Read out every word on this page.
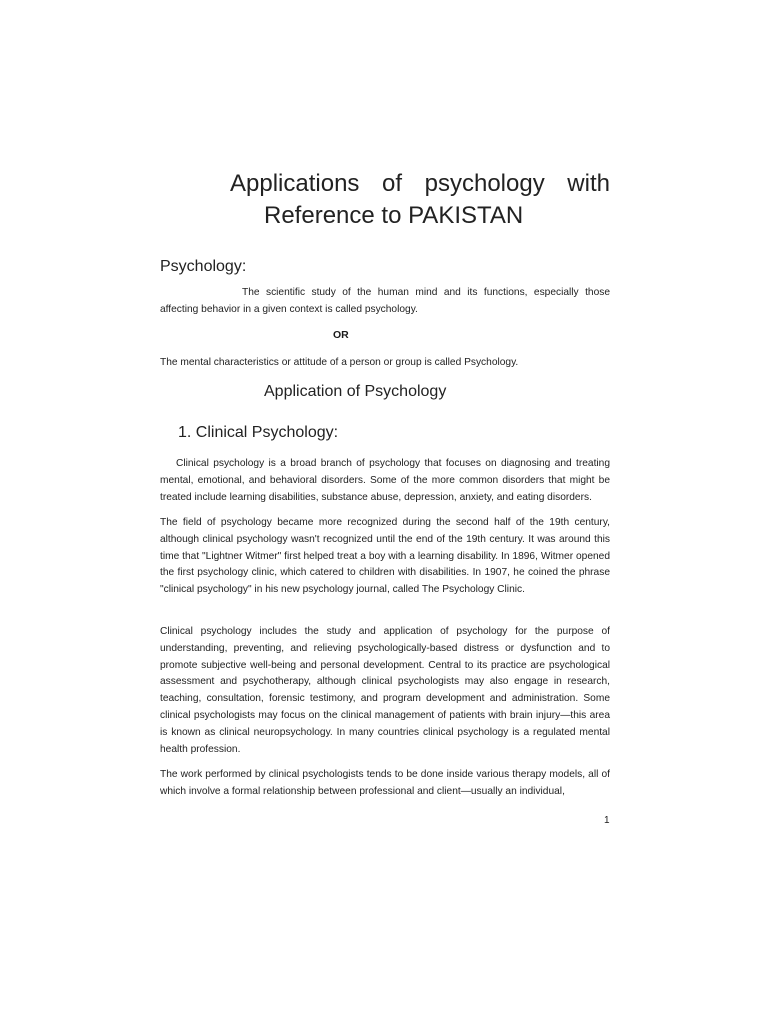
Applications of psychology with
Reference to PAKISTAN
Psychology:

The scientific study of the human mind and its functions, especially those affecting behavior in a given context is called psychology.

OR

The mental characteristics or attitude of a person or group is called Psychology.

Application of Psychology
1. Clinical Psychology:

Clinical psychology is a broad branch of psychology that focuses on diagnosing and treating mental, emotional, and behavioral disorders. Some of the more common disorders that might be treated include learning disabilities, substance abuse, depression, anxiety, and eating disorders.

The field of psychology became more recognized during the second half of the 19th century, although clinical psychology wasn't recognized until the end of the 19th century. It was around this time that "Lightner Witmer" first helped treat a boy with a learning disability. In 1896, Witmer opened the first psychology clinic, which catered to children with disabilities. In 1907, he coined the phrase "clinical psychology" in his new psychology journal, called The Psychology Clinic.

Clinical psychology includes the study and application of psychology for the purpose of understanding, preventing, and relieving psychologically-based distress or dysfunction and to promote subjective well-being and personal development. Central to its practice are psychological assessment and psychotherapy, although clinical psychologists may also engage in research, teaching, consultation, forensic testimony, and program development and administration. Some clinical psychologists may focus on the clinical management of patients with brain injury—this area is known as clinical neuropsychology. In many countries clinical psychology is a regulated mental health profession.

The work performed by clinical psychologists tends to be done inside various therapy models, all of which involve a formal relationship between professional and client—usually an individual,

1
